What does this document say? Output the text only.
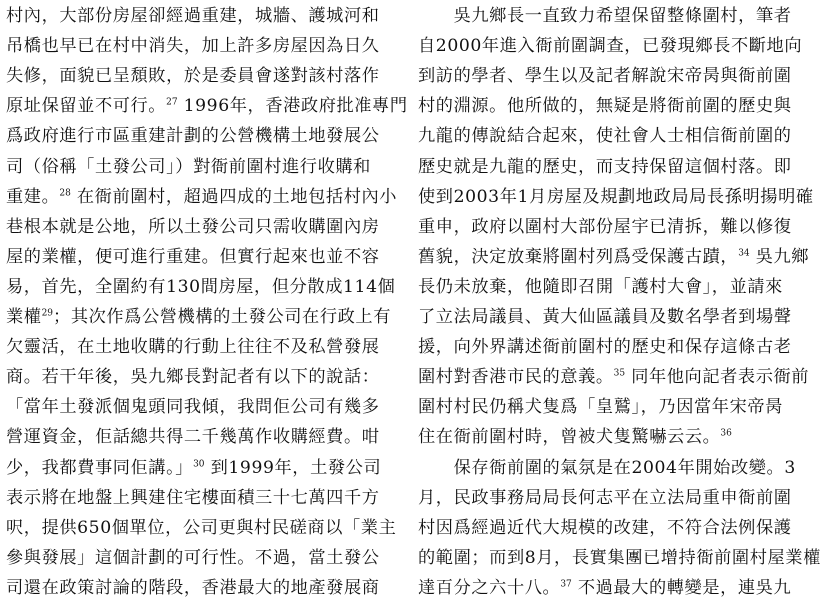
村內，大部份房屋卻經過重建，城牆、護城河和
吊橋也早已在村中消失，加上許多房屋因為日久
失修，面貌已呈頹敗，於是委員會遂對該村落作
原址保留並不可行。$^{27}$ 1996年，香港政府批准專門
爲政府進行市區重建計劃的公營機構土地發展公
司（俗稱「土發公司」）對衙前圍村進行收購和
重建。$^{28}$ 在衙前圍村，超過四成的土地包括村內小
巷根本就是公地，所以土發公司只需收購圍內房
屋的業權，便可進行重建。但實行起來也並不容
易，首先，全圍約有130間房屋，但分散成114個
業權$^{29}$；其次作爲公營機構的土發公司在行政上有
欠靈活，在土地收購的行動上往往不及私營發展
商。若干年後，吳九鄉長對記者有以下的說話：
「當年土發派個鬼頭同我傾，我問佢公司有幾多
營運資金，佢話總共得二千幾萬作收購經費。咁
少，我都費事同佢講。」$^{30}$ 到1999年，土發公司
表示將在地盤上興建住宅樓面積三十七萬四千方
呎，提供650個單位，公司更與村民磋商以「業主
參與發展」這個計劃的可行性。不過，當土發公
司還在政策討論的階段，香港最大的地產發展商
　　吳九鄉長一直致力希望保留整條圍村，筆者
自2000年進入衙前圍調查，已發現鄉長不斷地向
到訪的學者、學生以及記者解說宋帝昺與衙前圍
村的淵源。他所做的，無疑是將衙前圍的歷史與
九龍的傳說結合起來，使社會人士相信衙前圍的
歷史就是九龍的歷史，而支持保留這個村落。即
使到2003年1月房屋及規劃地政局局長孫明揚明確
重申，政府以圍村大部份屋宇已清拆，難以修復
舊貌，決定放棄將圍村列爲受保護古蹟，$^{34}$ 吳九鄉
長仍未放棄，他隨即召開「護村大會」，並請來
了立法局議員、黃大仙區議員及數名學者到場聲
援，向外界講述衙前圍村的歷史和保存這條古老
圍村對香港市民的意義。$^{35}$ 同年他向記者表示衙前
圍村村民仍稱犬隻爲「皇鷲」，乃因當年宋帝昺
住在衙前圍村時，曾被犬隻驚嚇云云。$^{36}$
　　保存衙前圍的氣氛是在2004年開始改變。3
月，民政事務局局長何志平在立法局重申衙前圍
村因爲經過近代大規模的改建，不符合法例保護
的範圍；而到8月，長實集團已增持衙前圍村屋業權
達百分之六十八。$^{37}$ 不過最大的轉變是，連吳九
